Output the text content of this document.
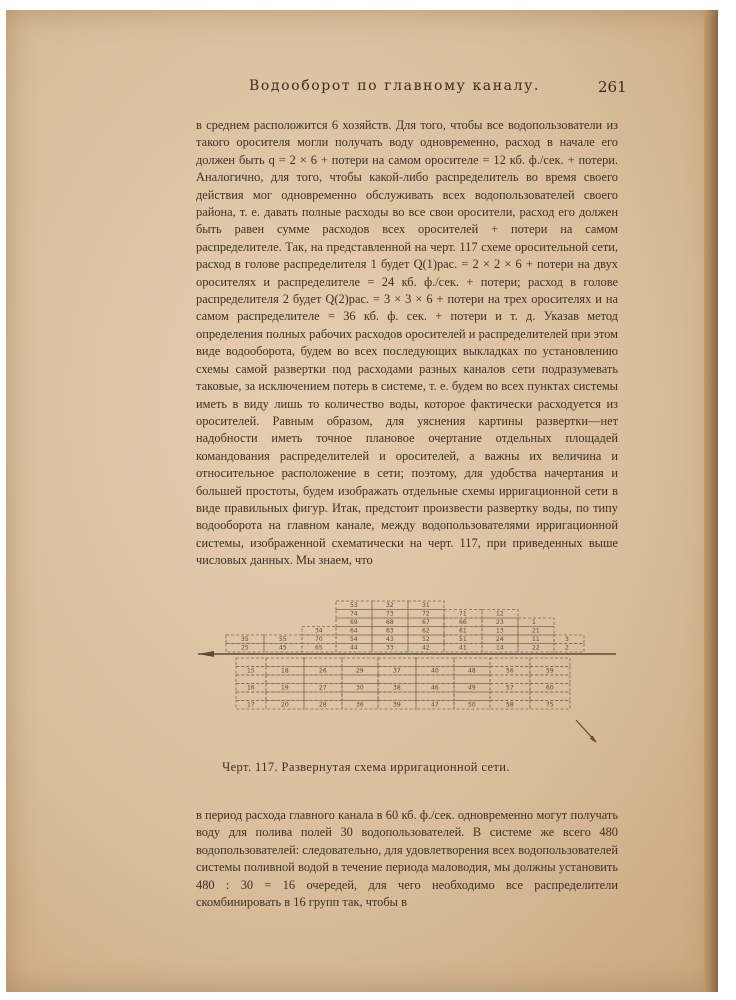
Водооборот по главному каналу.	261

в среднем расположится 6 хозяйств. Для того, чтобы все водопользователи из такого оросителя могли получать воду одновременно, расход в начале его должен быть q = 2 × 6 + потери на самом оросителе = 12 кб. ф./сек. + потери. Аналогично, для того, чтобы какой-либо распределитель во время своего действия мог одновременно обслуживать всех водопользователей своего района, т. е. давать полные расходы во все свои оросители, расход его должен быть равен сумме расходов всех оросителей + потери на самом распределителе. Так, на представленной на черт. 117 схеме оросительной сети, расход в голове распределителя 1 будет Q(1)рас. = 2 × 2 × 6 + потери на двух оросителях и распределителе = 24 кб. ф./сек. + потери; расход в голове распределителя 2 будет Q(2)рас. = 3 × 3 × 6 + потери на трех оросителях и на самом распределителе = 36 кб. ф. сек. + потери и т. д. Указав метод определения полных рабочих расходов оросителей и распределителей при этом виде водооборота, будем во всех последующих выкладках по установлению схемы самой развертки под расходами разных каналов сети подразумевать таковые, за исключением потерь в системе, т. е. будем во всех пунктах системы иметь в виду лишь то количество воды, которое фактически расходуется из оросителей. Равным образом, для уяснения картины развертки—нет надобности иметь точное плановое очертание отдельных площадей командования распределителей и оросителей, а важны их величина и относительное расположение в сети; поэтому, для удобства начертания и большей простоты, будем изображать отдельные схемы ирригационной сети в виде правильных фигур. Итак, предстоит произвести развертку воды, по типу водооборота на главном канале, между водопользователями ирригационной системы, изображенной схематически на черт. 117, при приведенных выше числовых данных. Мы знаем, что

25
35
45
55
65
70
34
44
54
64
69
74
53
33
43
63
68
73
32
42
52
62
67
72
31
41
51
61
66
71
14
24
13
23
12
22
11
21
1
2
3
15
16
17
18
19
20
26
27
28
29
30
36
37
38
39
40
46
47
48
49
50
56
57
58
59
60
75
Черт. 117. Развернутая схема ирригационной сети.

в период расхода главного канала в 60 кб. ф./сек. одновременно могут получать воду для полива полей 30 водопользователей. В системе же всего 480 водопользователей: следовательно, для удовлетворения всех водопользователей системы поливной водой в течение периода маловодия, мы должны установить 480 : 30 = 16 очередей, для чего необходимо все распределители скомбинировать в 16 групп так, чтобы в
